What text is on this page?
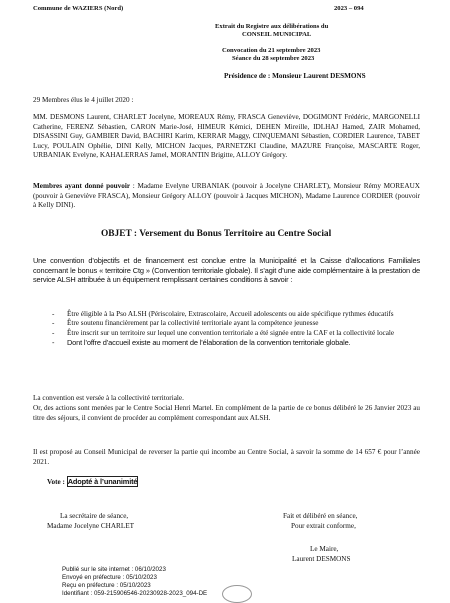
Commune de WAZIERS (Nord)	2023 – 094
Extrait du Registre aux délibérations du
CONSEIL MUNICIPAL
Convocation du 21 septembre 2023
Séance du 28 septembre 2023
Présidence de : Monsieur Laurent DESMONS
29 Membres élus le 4 juillet 2020 :
MM. DESMONS Laurent, CHARLET Jocelyne, MOREAUX Rémy, FRASCA Geneviève, DOGIMONT Frédéric, MARGONELLI Catherine, FERENZ Sébastien, CARON Marie-José, HIMEUR Kémici, DEHEN Mireille, IDLHAJ Hamed, ZAIR Mohamed, DISASSINI Guy, GAMBIER David, BACHIRI Karim, KERRAR Maggy, CINQUEMANI Sébastien, CORDIER Laurence, TABET Lucy, POULAIN Ophélie, DINI Kelly, MICHON Jacques, PARNETZKI Claudine, MAZURE Françoise, MASCARTE Roger, URBANIAK Evelyne, KAHALERRAS Jamel, MORANTIN Brigitte, ALLOY Grégory.
Membres ayant donné pouvoir : Madame Evelyne URBANIAK (pouvoir à Jocelyne CHARLET), Monsieur Rémy MOREAUX (pouvoir à Geneviève FRASCA), Monsieur Grégory ALLOY (pouvoir à Jacques MICHON), Madame Laurence CORDIER (pouvoir à Kelly DINI).
OBJET : Versement du Bonus Territoire au Centre Social
Une convention d’objectifs et de financement est conclue entre la Municipalité et la Caisse d’allocations Familiales concernant le bonus « territoire Ctg » (Convention territoriale globale). Il s’agit d’une aide complémentaire à la prestation de service ALSH attribuée à un équipement remplissant certaines conditions à savoir :
- Être éligible à la Pso ALSH (Périscolaire, Extrascolaire, Accueil adolescents ou aide spécifique rythmes éducatifs
- Être soutenu financièrement par la collectivité territoriale ayant la compétence jeunesse
- Être inscrit sur un territoire sur lequel une convention territoriale a été signée entre la CAF et la collectivité locale
- Dont l’offre d’accueil existe au moment de l’élaboration de la convention territoriale globale.
La convention est versée à la collectivité territoriale.
Or, des actions sont menées par le Centre Social Henri Martel. En complément de la partie de ce bonus délibéré le 26 Janvier 2023 au titre des séjours, il convient de procéder au complément correspondant aux ALSH.
Il est proposé au Conseil Municipal de reverser la partie qui incombe au Centre Social, à savoir la somme de 14 657 € pour l’année 2021.
Vote : Adopté à l’unanimité
La secrétaire de séance,
Madame Jocelyne CHARLET
Fait et délibéré en séance,
Pour extrait conforme,
Le Maire,
Laurent DESMONS
Publié sur le site internet : 06/10/2023
Envoyé en préfecture : 05/10/2023
Reçu en préfecture : 05/10/2023
Identifiant : 059-215906546-20230928-2023_094-DE
